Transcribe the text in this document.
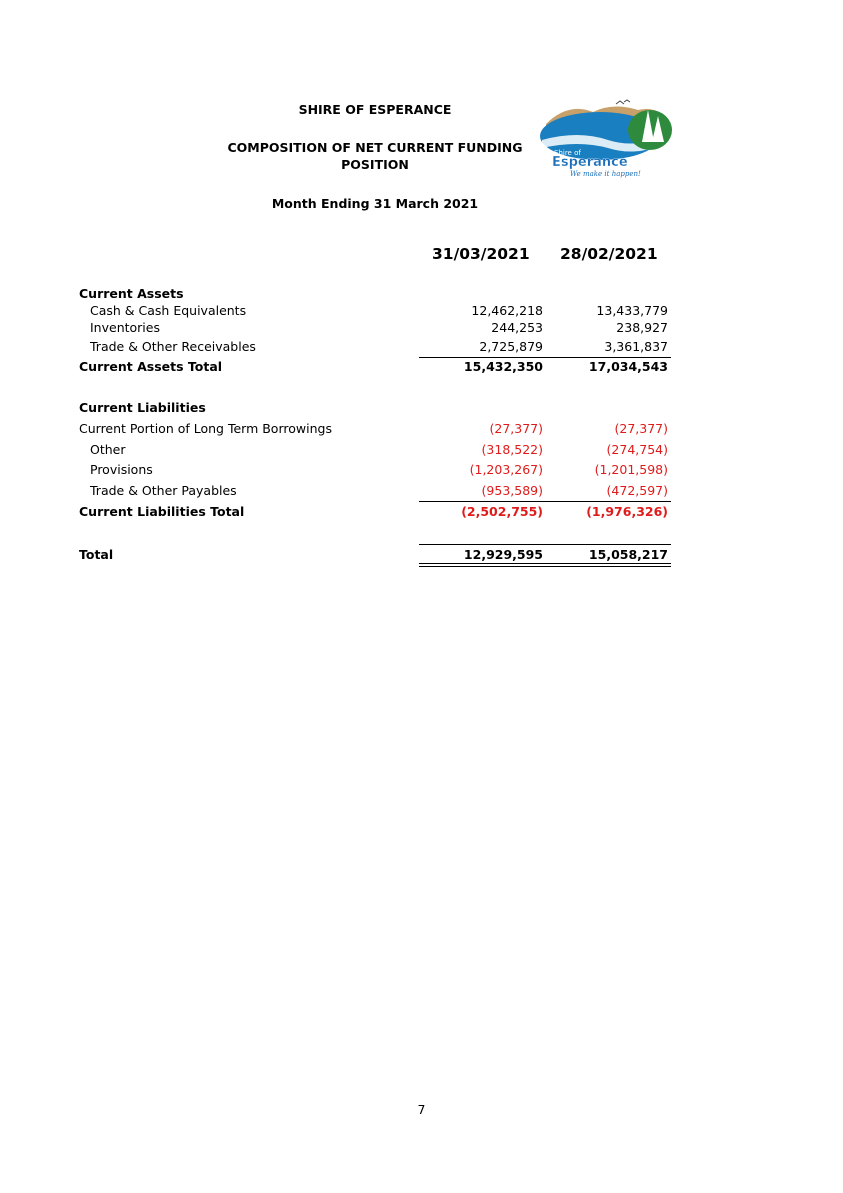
SHIRE OF ESPERANCE
COMPOSITION OF NET CURRENT FUNDING POSITION
Month Ending 31 March 2021
Shire of
Esperance
We make it happen!
31/03/2021 28/02/2021
Current Assets
Cash & Cash Equivalents	12,462,218	13,433,779
Inventories	244,253	238,927
Trade & Other Receivables	2,725,879	3,361,837
Current Assets Total	15,432,350	17,034,543
Current Liabilities
Current Portion of Long Term Borrowings	(27,377)	(27,377)
Other	(318,522)	(274,754)
Provisions	(1,203,267)	(1,201,598)
Trade & Other Payables	(953,589)	(472,597)
Current Liabilities Total	(2,502,755)	(1,976,326)
Total	12,929,595	15,058,217
7
